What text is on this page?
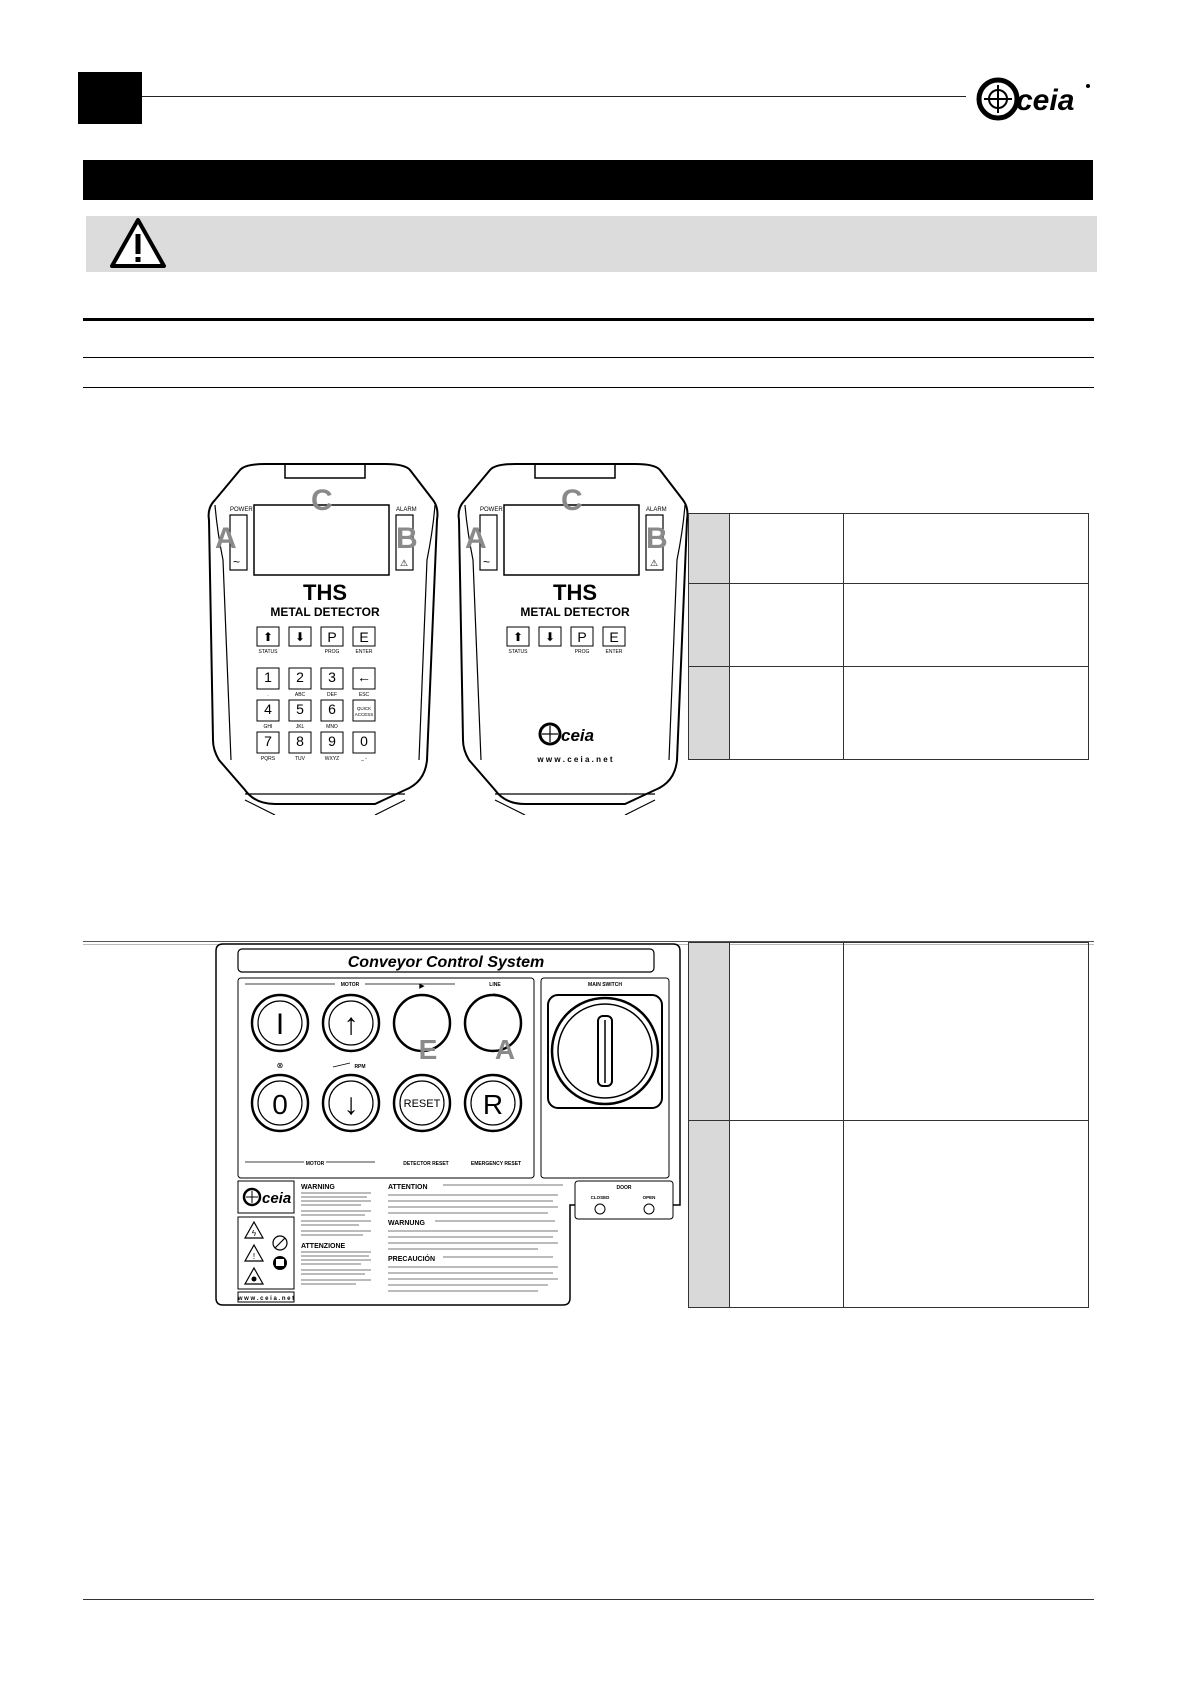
ceia
POWER
~
ALARM
⚠
A	B
C
THS
METAL DETECTOR
⬆
STATUS
⬇ P
PROG
E
ENTER
1
.
2
ABC
3
DEF
←
ESC
4
GHI
5
JKL
6
MNO
QUICK
ACCESS
7
PQRS
8
TUV
9
WXYZ
0
_ -
POWER
~
ALARM
⚠
A	B
C
THS
METAL DETECTOR
⬆
STATUS
⬇ P
PROG
E
ENTER
ceia
w w w . c e i a . n e t

Conveyor Control System
MOTOR	▶	LINE
I ↑
E A
⊗	RPM
0 ↓	RESET R
MOTOR	DETECTOR RESET	EMERGENCY RESET
MAIN SWITCH
ceia
ϟ
!
w w w . c e i a . n e t
WARNING
ATTENZIONE
ATTENTION
WARNUNG
PRECAUCIÓN
DOOR
CLOSED	OPEN
